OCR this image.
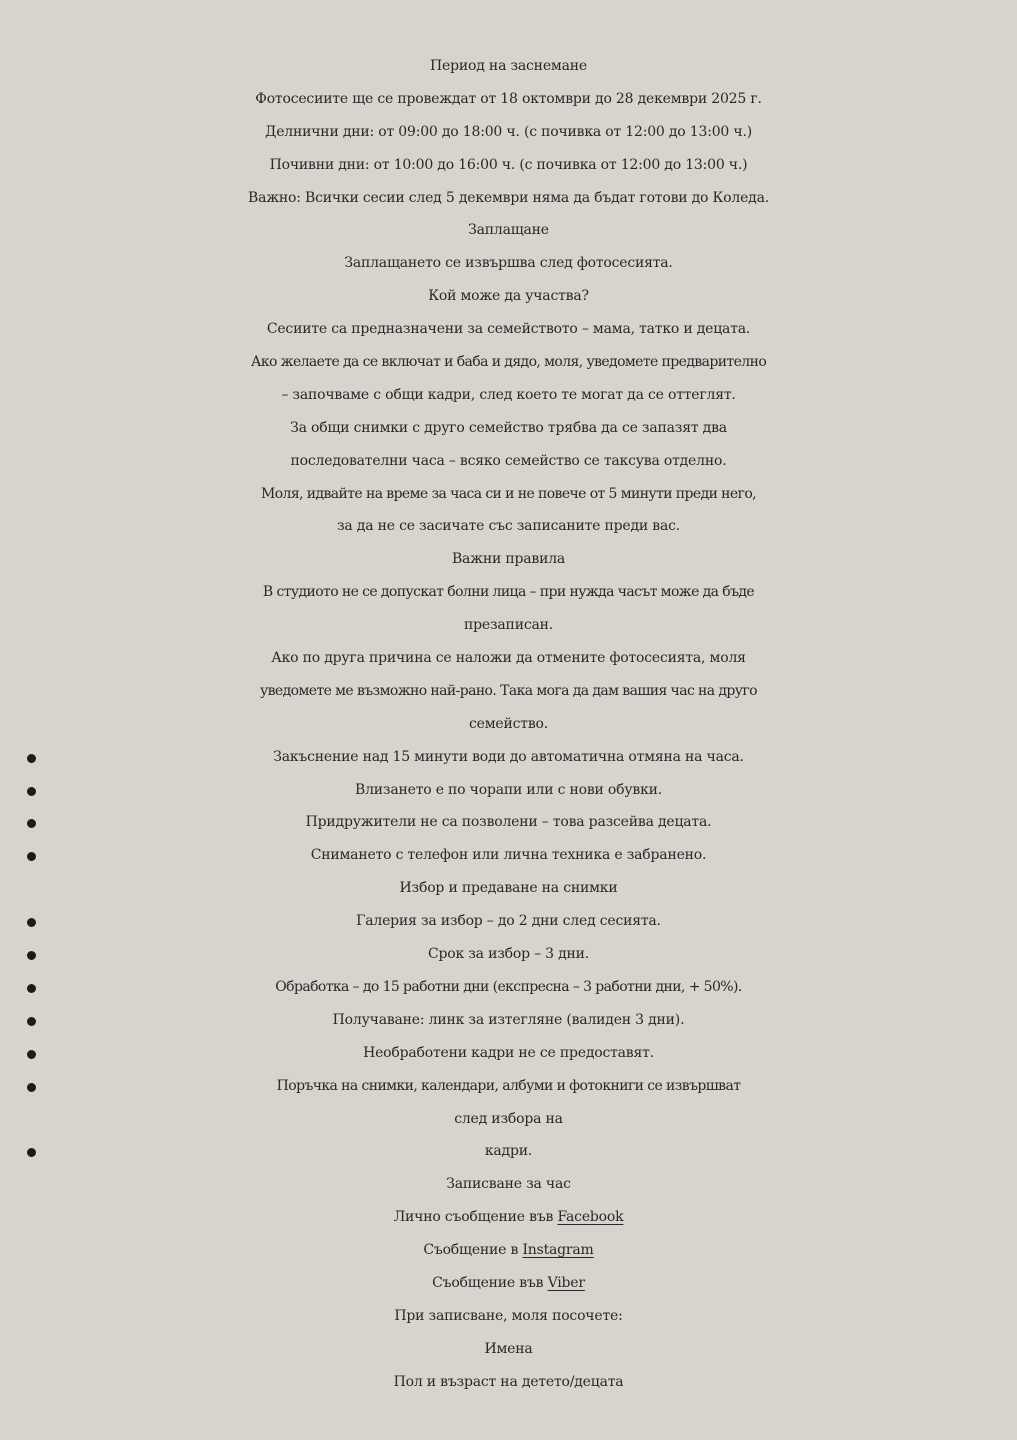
Период на заснемане
Фотосесиите ще се провеждат от 18 октомври до 28 декември 2025 г.
Делнични дни: от 09:00 до 18:00 ч. (с почивка от 12:00 до 13:00 ч.)
Почивни дни: от 10:00 до 16:00 ч. (с почивка от 12:00 до 13:00 ч.)
Важно: Всички сесии след 5 декември няма да бъдат готови до Коледа.
Заплащане
Заплащането се извършва след фотосесията.
Кой може да участва?
Сесиите са предназначени за семейството – мама, татко и децата.
Ако желаете да се включат и баба и дядо, моля, уведомете предварително
– започваме с общи кадри, след което те могат да се оттеглят.
За общи снимки с друго семейство трябва да се запазят два
последователни часа – всяко семейство се таксува отделно.
Моля, идвайте на време за часа си и не повече от 5 минути преди него,
за да не се засичате със записаните преди вас.
Важни правила
В студиото не се допускат болни лица – при нужда часът може да бъде
презаписан.
Ако по друга причина се наложи да отмените фотосесията, моля
уведомете ме възможно най-рано. Така мога да дам вашия час на друго
семейство.
Закъснение над 15 минути води до автоматична отмяна на часа.
Влизането е по чорапи или с нови обувки.
Придружители не са позволени – това разсейва децата.
Снимането с телефон или лична техника е забранено.
Избор и предаване на снимки
Галерия за избор – до 2 дни след сесията.
Срок за избор – 3 дни.
Обработка – до 15 работни дни (експресна – 3 работни дни, + 50%).
Получаване: линк за изтегляне (валиден 3 дни).
Необработени кадри не се предоставят.
Поръчка на снимки, календари, албуми и фотокниги се извършват
след избора на
кадри.
Записване за час
Лично съобщение във Facebook
Съобщение в Instagram
Съобщение във Viber
При записване, моля посочете:
Имена
Пол и възраст на детето/децата
